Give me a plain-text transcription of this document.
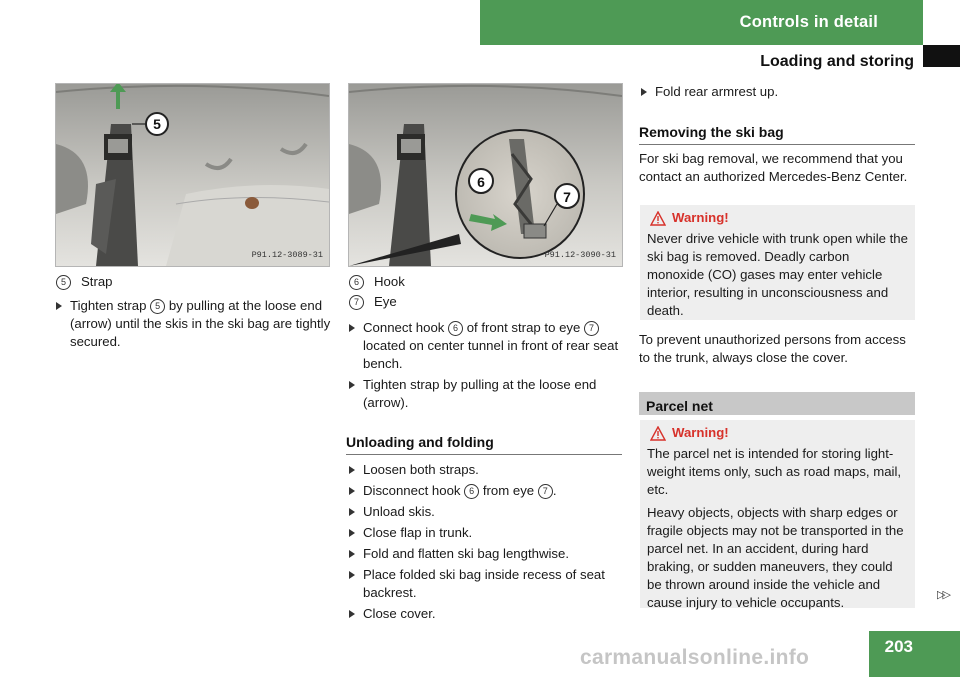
Controls in detail
Loading and storing
5
P91.12-3089-31
6
7
P91.12-3090-31
5	Strap
Tighten strap 5 by pulling at the loose end (arrow) until the skis in the ski bag are tightly secured.
6	Hook
7	Eye
Connect hook 6 of front strap to eye 7 located on center tunnel in front of rear seat bench.
Tighten strap by pulling at the loose end (arrow).
Unloading and folding
Loosen both straps.
Disconnect hook 6 from eye 7 .
Unload skis.
Close flap in trunk.
Fold and flatten ski bag lengthwise.
Place folded ski bag inside recess of seat backrest.
Close cover.
Fold rear armrest up.
Removing the ski bag
For ski bag removal, we recommend that you contact an authorized Mercedes-Benz Center.
Warning!
Never drive vehicle with trunk open while the ski bag is removed. Deadly carbon monoxide (CO) gases may enter vehicle interior, resulting in unconsciousness and death.
To prevent unauthorized persons from access to the trunk, always close the cover.
Parcel net
Warning!
The parcel net is intended for storing light-weight items only, such as road maps, mail, etc.
Heavy objects, objects with sharp edges or fragile objects may not be transported in the parcel net. In an accident, during hard braking, or sudden maneuvers, they could be thrown around inside the vehicle and cause injury to vehicle occupants.	▷▷
203
carmanualsonline.info
